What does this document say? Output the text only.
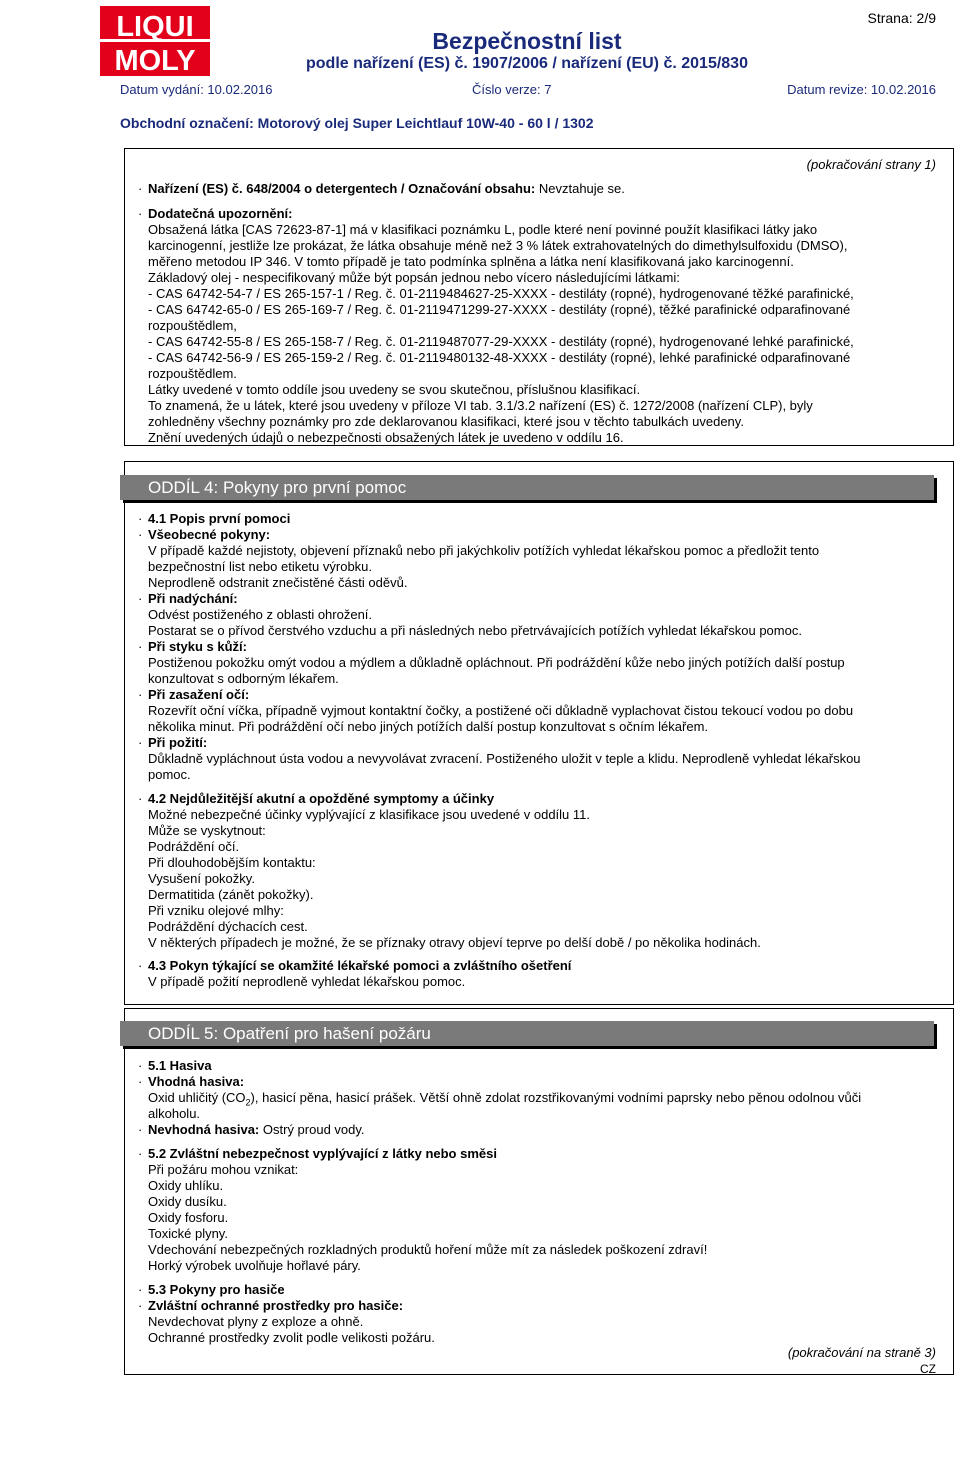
LIQUI
MOLY
Strana: 2/9
Bezpečnostní list
podle nařízení (ES) č. 1907/2006 / nařízení (EU) č. 2015/830
Datum vydání: 10.02.2016	Číslo verze: 7	Datum revize: 10.02.2016
Obchodní označení: Motorový olej Super Leichtlauf 10W-40 - 60 l / 1302
(pokračování strany 1)
· Nařízení (ES) č. 648/2004 o detergentech / Označování obsahu: Nevztahuje se.
· Dodatečná upozornění:
Obsažená látka [CAS 72623-87-1] má v klasifikaci poznámku L, podle které není povinné použít klasifikaci látky jako
karcinogenní, jestliže lze prokázat, že látka obsahuje méně než 3 % látek extrahovatelných do dimethylsulfoxidu (DMSO),
měřeno metodou IP 346. V tomto případě je tato podmínka splněna a látka není klasifikovaná jako karcinogenní.
Základový olej - nespecifikovaný může být popsán jednou nebo vícero následujícími látkami:
- CAS 64742-54-7 / ES 265-157-1 / Reg. č. 01-2119484627-25-XXXX - destiláty (ropné), hydrogenované těžké parafinické,
- CAS 64742-65-0 / ES 265-169-7 / Reg. č. 01-2119471299-27-XXXX - destiláty (ropné), těžké parafinické odparafinované
rozpouštědlem,
- CAS 64742-55-8 / ES 265-158-7 / Reg. č. 01-2119487077-29-XXXX - destiláty (ropné), hydrogenované lehké parafinické,
- CAS 64742-56-9 / ES 265-159-2 / Reg. č. 01-2119480132-48-XXXX - destiláty (ropné), lehké parafinické odparafinované
rozpouštědlem.
Látky uvedené v tomto oddíle jsou uvedeny se svou skutečnou, příslušnou klasifikací.
To znamená, že u látek, které jsou uvedeny v příloze VI tab. 3.1/3.2 nařízení (ES) č. 1272/2008 (nařízení CLP), byly
zohledněny všechny poznámky pro zde deklarovanou klasifikaci, které jsou v těchto tabulkách uvedeny.
Znění uvedených údajů o nebezpečnosti obsažených látek je uvedeno v oddílu 16.
ODDÍL 4: Pokyny pro první pomoc
· 4.1 Popis první pomoci
· Všeobecné pokyny:
V případě každé nejistoty, objevení příznaků nebo při jakýchkoliv potížích vyhledat lékařskou pomoc a předložit tento
bezpečnostní list nebo etiketu výrobku.
Neprodleně odstranit znečistěné části oděvů.
· Při nadýchání:
Odvést postiženého z oblasti ohrožení.
Postarat se o přívod čerstvého vzduchu a při následných nebo přetrvávajících potížích vyhledat lékařskou pomoc.
· Při styku s kůží:
Postiženou pokožku omýt vodou a mýdlem a důkladně opláchnout. Při podráždění kůže nebo jiných potížích další postup
konzultovat s odborným lékařem.
· Při zasažení očí:
Rozevřít oční víčka, případně vyjmout kontaktní čočky, a postižené oči důkladně vyplachovat čistou tekoucí vodou po dobu
několika minut. Při podráždění očí nebo jiných potížích další postup konzultovat s očním lékařem.
· Při požití:
Důkladně vypláchnout ústa vodou a nevyvolávat zvracení. Postiženého uložit v teple a klidu. Neprodleně vyhledat lékařskou
pomoc.
· 4.2 Nejdůležitější akutní a opožděné symptomy a účinky
Možné nebezpečné účinky vyplývající z klasifikace jsou uvedené v oddílu 11.
Může se vyskytnout:
Podráždění očí.
Při dlouhodobějším kontaktu:
Vysušení pokožky.
Dermatitida (zánět pokožky).
Při vzniku olejové mlhy:
Podráždění dýchacích cest.
V některých případech je možné, že se příznaky otravy objeví teprve po delší době / po několika hodinách.
· 4.3 Pokyn týkající se okamžité lékařské pomoci a zvláštního ošetření
V případě požití neprodleně vyhledat lékařskou pomoc.
ODDÍL 5: Opatření pro hašení požáru
· 5.1 Hasiva
· Vhodná hasiva:
Oxid uhličitý $(CO_2)$, hasicí pěna, hasicí prášek. Větší ohně zdolat rozstřikovanými vodními paprsky nebo pěnou odolnou vůči
alkoholu.
· Nevhodná hasiva: Ostrý proud vody.
· 5.2 Zvláštní nebezpečnost vyplývající z látky nebo směsi
Při požáru mohou vznikat:
Oxidy uhlíku.
Oxidy dusíku.
Oxidy fosforu.
Toxické plyny.
Vdechování nebezpečných rozkladných produktů hoření může mít za následek poškození zdraví!
Horký výrobek uvolňuje hořlavé páry.
· 5.3 Pokyny pro hasiče
· Zvláštní ochranné prostředky pro hasiče:
Nevdechovat plyny z exploze a ohně.
Ochranné prostředky zvolit podle velikosti požáru.
(pokračování na straně 3)
CZ
